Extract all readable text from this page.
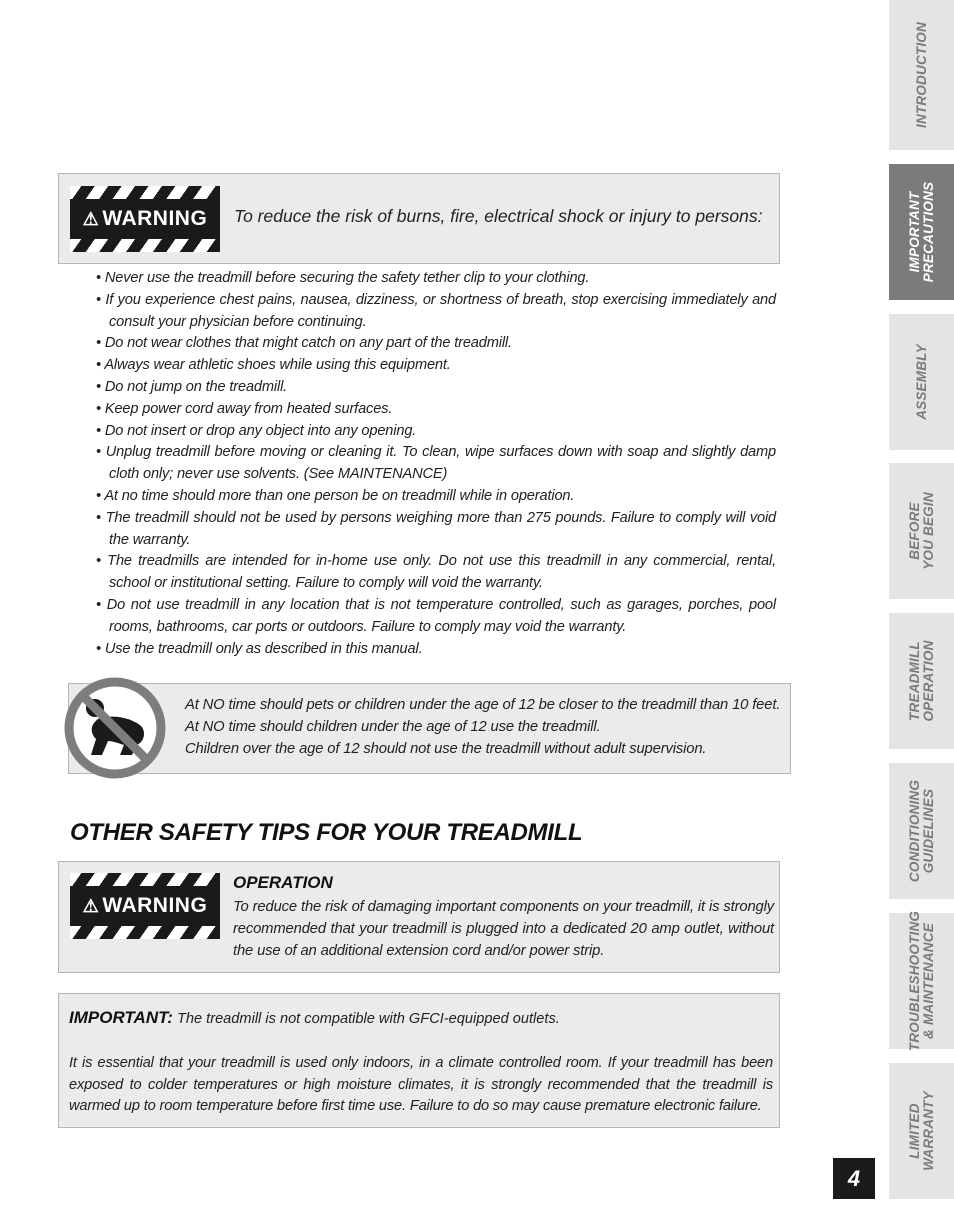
⚠ WARNING	To reduce the risk of burns, fire, electrical shock or injury to persons:
• Never use the treadmill before securing the safety tether clip to your clothing.
• If you experience chest pains, nausea, dizziness, or shortness of breath, stop exercising immediately and consult your physician before continuing.
• Do not wear clothes that might catch on any part of the treadmill.
• Always wear athletic shoes while using this equipment.
• Do not jump on the treadmill.
• Keep power cord away from heated surfaces.
• Do not insert or drop any object into any opening.
• Unplug treadmill before moving or cleaning it. To clean, wipe surfaces down with soap and slightly damp cloth only; never use solvents. (See MAINTENANCE)
• At no time should more than one person be on treadmill while in operation.
• The treadmill should not be used by persons weighing more than 275 pounds. Failure to comply will void the warranty.
• The treadmills are intended for in-home use only. Do not use this treadmill in any commercial, rental, school or institutional setting. Failure to comply will void the warranty.
• Do not use treadmill in any location that is not temperature controlled, such as garages, porches, pool rooms, bathrooms, car ports or outdoors. Failure to comply may void the warranty.
• Use the treadmill only as described in this manual.
At NO time should pets or children under the age of 12 be closer to the treadmill than 10 feet.
At NO time should children under the age of 12 use the treadmill.
Children over the age of 12 should not use the treadmill without adult supervision.
OTHER SAFETY TIPS FOR YOUR TREADMILL
⚠ WARNING
OPERATION
To reduce the risk of damaging important components on your treadmill, it is strongly recommended that your treadmill is plugged into a dedicated 20 amp outlet, without the use of an additional extension cord and/or power strip.
IMPORTANT: The treadmill is not compatible with GFCI-equipped outlets.
It is essential that your treadmill is used only indoors, in a climate controlled room. If your treadmill has been exposed to colder temperatures or high moisture climates, it is strongly recommended that the treadmill is warmed up to room temperature before first time use. Failure to do so may cause premature electronic failure.
INTRODUCTION
IMPORTANT
PRECAUTIONS
ASSEMBLY
BEFORE
YOU BEGIN
TREADMILL
OPERATION
CONDITIONING
GUIDELINES
TROUBLESHOOTING
& MAINTENANCE
LIMITED
WARRANTY
4
